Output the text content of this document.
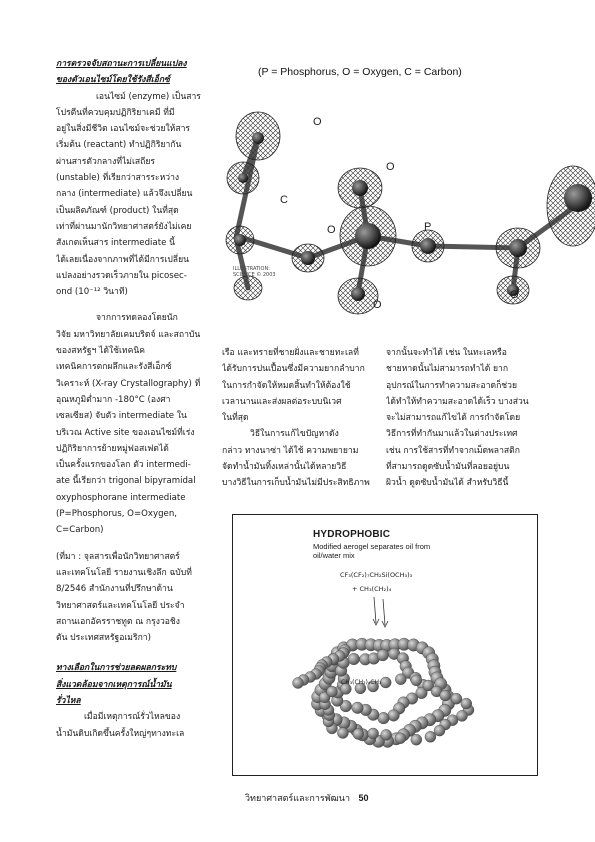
การตรวจจับสถานะการเปลี่ยนแปลง
ของตัวเอนไซม์โดยใช้รังสีเอ็กซ์

เอนไซม์ (enzyme) เป็นสาร
โปรตีนที่ควบคุมปฏิกิริยาเคมี ที่มี
อยู่ในสิ่งมีชีวิต เอนไซม์จะช่วยให้สาร
เริ่มต้น (reactant) ทำปฏิกิริยากัน
ผ่านสารตัวกลางที่ไม่เสถียร
(unstable) ที่เรียกว่าสารระหว่าง
กลาง (intermediate) แล้วจึงเปลี่ยน
เป็นผลิตภัณฑ์ (product) ในที่สุด
เท่าที่ผ่านมานักวิทยาศาสตร์ยังไม่เคย
สังเกตเห็นสาร intermediate นี้
ได้เลยเนื่องจากภาพที่ได้มีการเปลี่ยน
แปลงอย่างรวดเร็วภายใน picosec-
ond (10⁻¹² วินาที)

จากการทดลองโดยนัก
วิจัย มหาวิทยาลัยเคมบริดจ์ และสถาบัน
ของสหรัฐฯ ได้ใช้เทคนิค
เทคนิคการตกผลึกและรังสีเอ็กซ์
วิเคราะห์ (X-ray Crystallography) ที่
อุณหภูมิต่ำมาก -180°C (องศา
เซลเซียส) จับตัว intermediate ใน
บริเวณ Active site ของเอนไซม์ที่เร่ง
ปฏิกิริยาการย้ายหมู่ฟอสเฟตได้
เป็นครั้งแรกของโลก ตัว intermedi-
ate นี้เรียกว่า trigonal bipyramidal
oxyphosphorane intermediate
(P=Phosphorus, O=Oxygen,
C=Carbon)

(ที่มา : จุลสารเพื่อนักวิทยาศาสตร์
และเทคโนโลยี รายงานเชิงลึก ฉบับที่
8/2546 สำนักงานที่ปรึกษาด้าน
วิทยาศาสตร์และเทคโนโลยี ประจำ
สถานเอกอัครราชทูต ณ กรุงวอชิง
ตัน ประเทศสหรัฐอเมริกา)

ทางเลือกในการช่วยลดผลกระทบ
สิ่งแวดล้อมจากเหตุการณ์น้ำมัน
รั่วไหล

เมื่อมีเหตุการณ์รั่วไหลของ
น้ำมันดิบเกิดขึ้นครั้งใหญ่ๆทางทะเล

O
C
O	P
O
O
O
(P = Phosphorus, O = Oxygen, C = Carbon)
ILLUSTRATION: SCIENCE © 2003

เรือ และทรายที่ชายฝั่งและชายทะเลที่
ได้รับการปนเปื้อนซึ่งมีความยากลำบาก
ในการกำจัดให้หมดสิ้นทำให้ต้องใช้
เวลานานและส่งผลต่อระบบนิเวศ
ในที่สุด
วิธีในการแก้ไขปัญหาดัง
กล่าว ทางนาซ่า ได้ใช้ ความพยายาม
จัดทำน้ำมันทิ้งเหล่านั้นได้หลายวิธี
บางวิธีในการเก็บน้ำมันไม่มีประสิทธิภาพ

จากนั้นจะทำได้ เช่น ในทะเลหรือ
ชายหาดนั้นไม่สามารถทำได้ ยาก
อุปกรณ์ในการทำความสะอาดก็ช่วย
ได้ทำให้ทำความสะอาดได้เร็ว บางส่วน
จะไม่สามารถแก้ไขได้ การกำจัดโดย
วิธีการที่ทำกันมาแล้วในต่างประเทศ
เช่น การใช้สารที่ทำจากเม็ดพลาสติก
ที่สามารถดูดซับน้ำมันที่ลอยอยู่บน
ผิวน้ำ ดูดซับน้ำมันได้ สำหรับวิธีนี้

HYDROPHOBIC
Modified aerogel separates oil from oil/water mix
CF₃(CF₂)₇CH₂Si(OCH₃)₃
+ CH₃(CH₂)₄
CH₃(CH₂)₄CH₃
วิทยาศาสตร์และการพัฒนา 50
